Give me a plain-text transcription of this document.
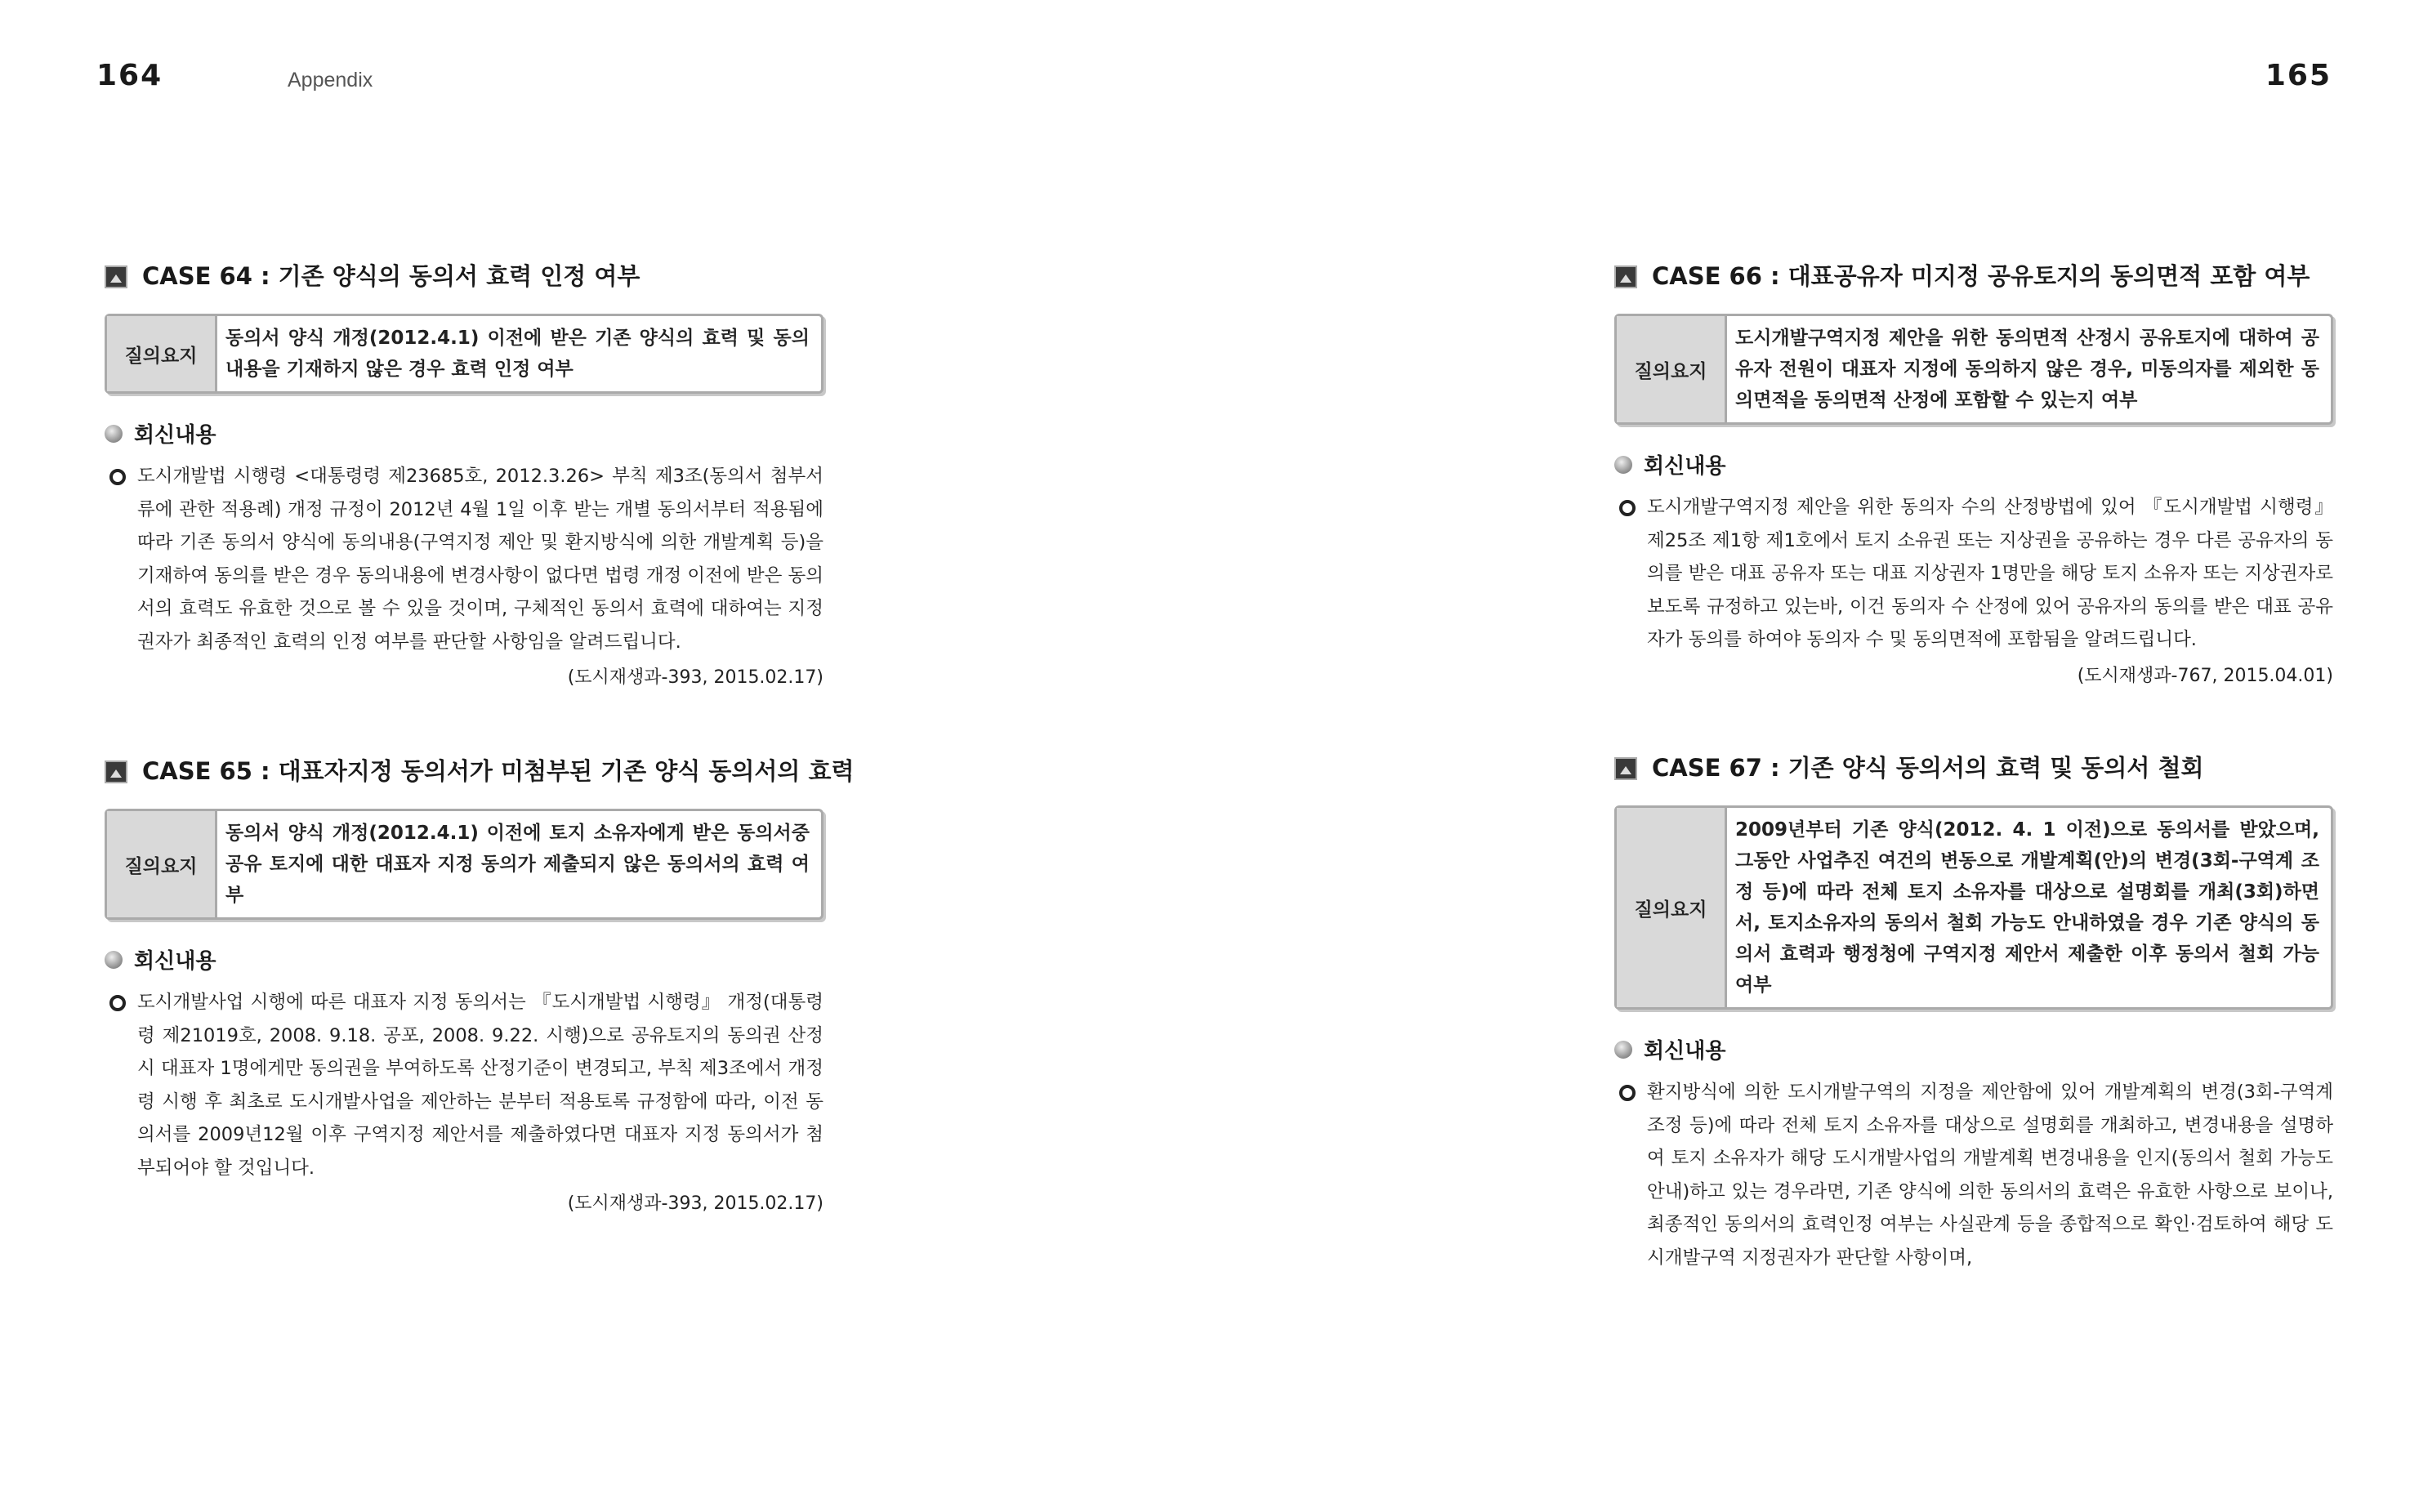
164	Appendix
CASE 64 : 기존 양식의 동의서 효력 인정 여부
질의요지
동의서 양식 개정(2012.4.1) 이전에 받은 기존 양식의 효력 및 동의내용을 기재하지 않은 경우 효력 인정 여부
회신내용
도시개발법 시행령 <대통령령 제23685호, 2012.3.26> 부칙 제3조(동의서 첨부서류에 관한 적용례) 개정 규정이 2012년 4월 1일 이후 받는 개별 동의서부터 적용됨에 따라 기존 동의서 양식에 동의내용(구역지정 제안 및 환지방식에 의한 개발계획 등)을 기재하여 동의를 받은 경우 동의내용에 변경사항이 없다면 법령 개정 이전에 받은 동의서의 효력도 유효한 것으로 볼 수 있을 것이며, 구체적인 동의서 효력에 대하여는 지정권자가 최종적인 효력의 인정 여부를 판단할 사항임을 알려드립니다.
(도시재생과-393, 2015.02.17)
CASE 65 : 대표자지정 동의서가 미첨부된 기존 양식 동의서의 효력
질의요지
동의서 양식 개정(2012.4.1) 이전에 토지 소유자에게 받은 동의서중 공유 토지에 대한 대표자 지정 동의가 제출되지 않은 동의서의 효력 여부
회신내용
도시개발사업 시행에 따른 대표자 지정 동의서는 『도시개발법 시행령』 개정(대통령령 제21019호, 2008. 9.18. 공포, 2008. 9.22. 시행)으로 공유토지의 동의권 산정시 대표자 1명에게만 동의권을 부여하도록 산정기준이 변경되고, 부칙 제3조에서 개정령 시행 후 최초로 도시개발사업을 제안하는 분부터 적용토록 규정함에 따라, 이전 동의서를 2009년12월 이후 구역지정 제안서를 제출하였다면 대표자 지정 동의서가 첨부되어야 할 것입니다.
(도시재생과-393, 2015.02.17)
165
CASE 66 : 대표공유자 미지정 공유토지의 동의면적 포함 여부
질의요지
도시개발구역지정 제안을 위한 동의면적 산정시 공유토지에 대하여 공유자 전원이 대표자 지정에 동의하지 않은 경우, 미동의자를 제외한 동의면적을 동의면적 산정에 포함할 수 있는지 여부
회신내용
도시개발구역지정 제안을 위한 동의자 수의 산정방법에 있어 『도시개발법 시행령』 제25조 제1항 제1호에서 토지 소유권 또는 지상권을 공유하는 경우 다른 공유자의 동의를 받은 대표 공유자 또는 대표 지상권자 1명만을 해당 토지 소유자 또는 지상권자로 보도록 규정하고 있는바, 이건 동의자 수 산정에 있어 공유자의 동의를 받은 대표 공유자가 동의를 하여야 동의자 수 및 동의면적에 포함됨을 알려드립니다.
(도시재생과-767, 2015.04.01)
CASE 67 : 기존 양식 동의서의 효력 및 동의서 철회
질의요지
2009년부터 기존 양식(2012. 4. 1 이전)으로 동의서를 받았으며, 그동안 사업추진 여건의 변동으로 개발계획(안)의 변경(3회-구역계 조정 등)에 따라 전체 토지 소유자를 대상으로 설명회를 개최(3회)하면서, 토지소유자의 동의서 철회 가능도 안내하였을 경우 기존 양식의 동의서 효력과 행정청에 구역지정 제안서 제출한 이후 동의서 철회 가능 여부
회신내용
환지방식에 의한 도시개발구역의 지정을 제안함에 있어 개발계획의 변경(3회-구역계 조정 등)에 따라 전체 토지 소유자를 대상으로 설명회를 개최하고, 변경내용을 설명하여 토지 소유자가 해당 도시개발사업의 개발계획 변경내용을 인지(동의서 철회 가능도 안내)하고 있는 경우라면, 기존 양식에 의한 동의서의 효력은 유효한 사항으로 보이나, 최종적인 동의서의 효력인정 여부는 사실관계 등을 종합적으로 확인·검토하여 해당 도시개발구역 지정권자가 판단할 사항이며,
